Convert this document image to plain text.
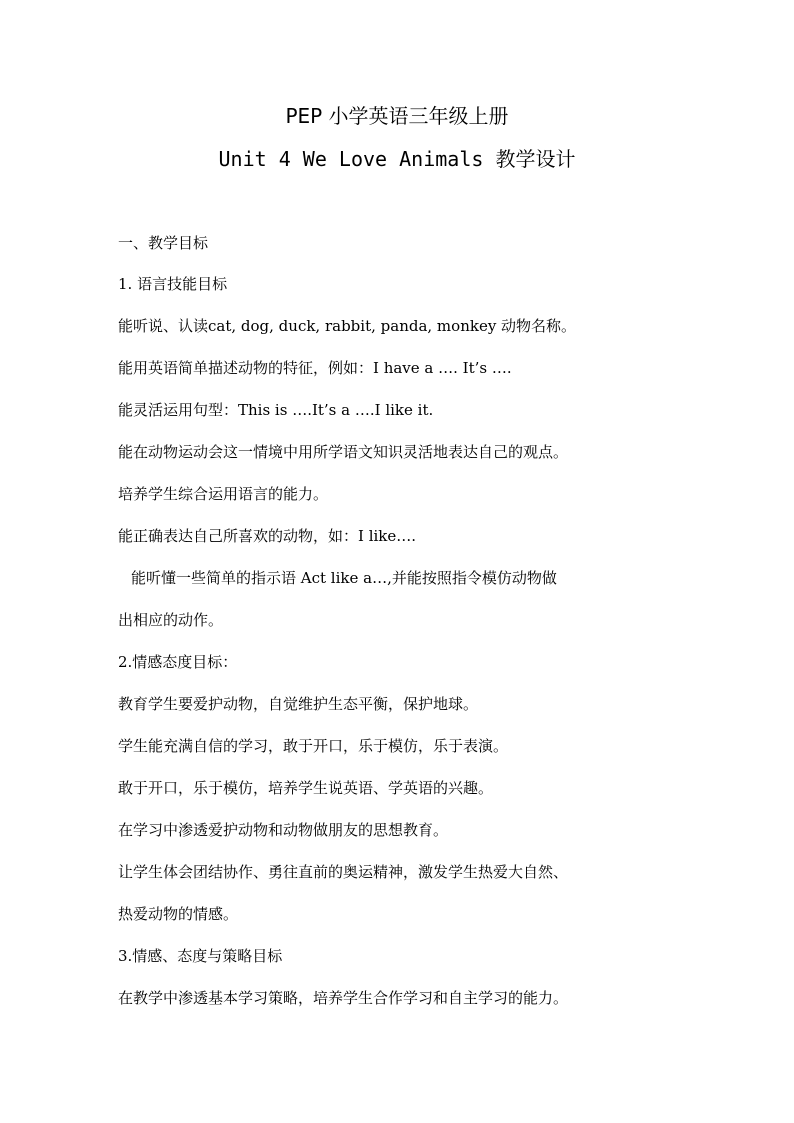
PEP 小学英语三年级上册
Unit 4 We Love Animals 教学设计
一、教学目标
1. 语言技能目标
能听说、认读cat, dog, duck, rabbit, panda, monkey 动物名称。
能用英语简单描述动物的特征，例如：I have a …. It’s ….
能灵活运用句型：This is ….It’s a ….I like it.
能在动物运动会这一情境中用所学语文知识灵活地表达自己的观点。
培养学生综合运用语言的能力。
能正确表达自己所喜欢的动物，如：I like….
能听懂一些简单的指示语 Act like a…,并能按照指令模仿动物做
出相应的动作。
2.情感态度目标：
教育学生要爱护动物，自觉维护生态平衡，保护地球。
学生能充满自信的学习，敢于开口，乐于模仿，乐于表演。
敢于开口，乐于模仿，培养学生说英语、学英语的兴趣。
在学习中渗透爱护动物和动物做朋友的思想教育。
让学生体会团结协作、勇往直前的奥运精神，激发学生热爱大自然、
热爱动物的情感。
3.情感、态度与策略目标
在教学中渗透基本学习策略，培养学生合作学习和自主学习的能力。
